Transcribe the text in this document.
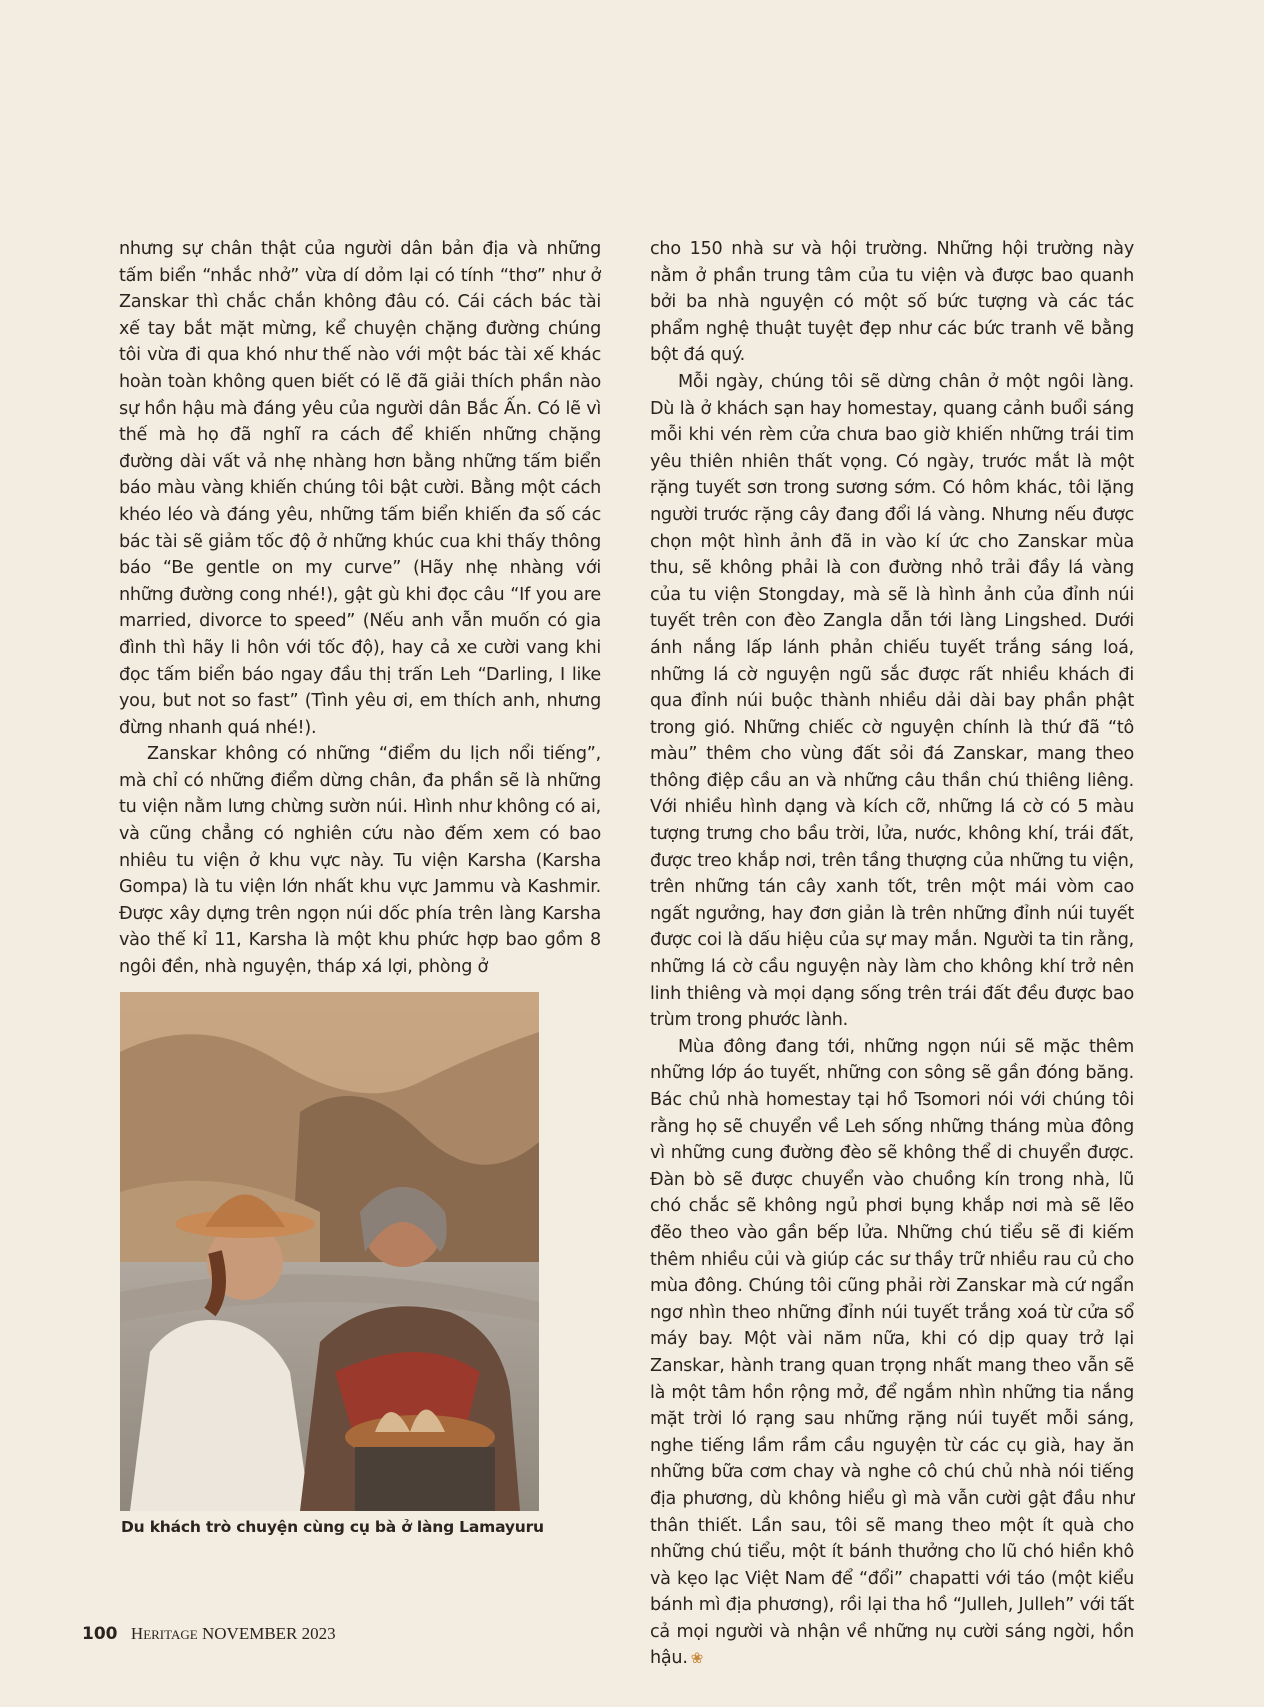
nhưng sự chân thật của người dân bản địa và những tấm biển “nhắc nhở” vừa dí dỏm lại có tính “thơ” như ở Zanskar thì chắc chắn không đâu có. Cái cách bác tài xế tay bắt mặt mừng, kể chuyện chặng đường chúng tôi vừa đi qua khó như thế nào với một bác tài xế khác hoàn toàn không quen biết có lẽ đã giải thích phần nào sự hồn hậu mà đáng yêu của người dân Bắc Ấn. Có lẽ vì thế mà họ đã nghĩ ra cách để khiến những chặng đường dài vất vả nhẹ nhàng hơn bằng những tấm biển báo màu vàng khiến chúng tôi bật cười. Bằng một cách khéo léo và đáng yêu, những tấm biển khiến đa số các bác tài sẽ giảm tốc độ ở những khúc cua khi thấy thông báo “Be gentle on my curve” (Hãy nhẹ nhàng với những đường cong nhé!), gật gù khi đọc câu “If you are married, divorce to speed” (Nếu anh vẫn muốn có gia đình thì hãy li hôn với tốc độ), hay cả xe cười vang khi đọc tấm biển báo ngay đầu thị trấn Leh “Darling, I like you, but not so fast” (Tình yêu ơi, em thích anh, nhưng đừng nhanh quá nhé!).

Zanskar không có những “điểm du lịch nổi tiếng”, mà chỉ có những điểm dừng chân, đa phần sẽ là những tu viện nằm lưng chừng sườn núi. Hình như không có ai, và cũng chẳng có nghiên cứu nào đếm xem có bao nhiêu tu viện ở khu vực này. Tu viện Karsha (Karsha Gompa) là tu viện lớn nhất khu vực Jammu và Kashmir. Được xây dựng trên ngọn núi dốc phía trên làng Karsha vào thế kỉ 11, Karsha là một khu phức hợp bao gồm 8 ngôi đền, nhà nguyện, tháp xá lợi, phòng ở

cho 150 nhà sư và hội trường. Những hội trường này nằm ở phần trung tâm của tu viện và được bao quanh bởi ba nhà nguyện có một số bức tượng và các tác phẩm nghệ thuật tuyệt đẹp như các bức tranh vẽ bằng bột đá quý.

Mỗi ngày, chúng tôi sẽ dừng chân ở một ngôi làng. Dù là ở khách sạn hay homestay, quang cảnh buổi sáng mỗi khi vén rèm cửa chưa bao giờ khiến những trái tim yêu thiên nhiên thất vọng. Có ngày, trước mắt là một rặng tuyết sơn trong sương sớm. Có hôm khác, tôi lặng người trước rặng cây đang đổi lá vàng. Nhưng nếu được chọn một hình ảnh đã in vào kí ức cho Zanskar mùa thu, sẽ không phải là con đường nhỏ trải đầy lá vàng của tu viện Stongday, mà sẽ là hình ảnh của đỉnh núi tuyết trên con đèo Zangla dẫn tới làng Lingshed. Dưới ánh nắng lấp lánh phản chiếu tuyết trắng sáng loá, những lá cờ nguyện ngũ sắc được rất nhiều khách đi qua đỉnh núi buộc thành nhiều dải dài bay phần phật trong gió. Những chiếc cờ nguyện chính là thứ đã “tô màu” thêm cho vùng đất sỏi đá Zanskar, mang theo thông điệp cầu an và những câu thần chú thiêng liêng. Với nhiều hình dạng và kích cỡ, những lá cờ có 5 màu tượng trưng cho bầu trời, lửa, nước, không khí, trái đất, được treo khắp nơi, trên tầng thượng của những tu viện, trên những tán cây xanh tốt, trên một mái vòm cao ngất ngưởng, hay đơn giản là trên những đỉnh núi tuyết được coi là dấu hiệu của sự may mắn. Người ta tin rằng, những lá cờ cầu nguyện này làm cho không khí trở nên linh thiêng và mọi dạng sống trên trái đất đều được bao trùm trong phước lành.

Mùa đông đang tới, những ngọn núi sẽ mặc thêm những lớp áo tuyết, những con sông sẽ gần đóng băng. Bác chủ nhà homestay tại hồ Tsomori nói với chúng tôi rằng họ sẽ chuyển về Leh sống những tháng mùa đông vì những cung đường đèo sẽ không thể di chuyển được. Đàn bò sẽ được chuyển vào chuồng kín trong nhà, lũ chó chắc sẽ không ngủ phơi bụng khắp nơi mà sẽ lẽo đẽo theo vào gần bếp lửa. Những chú tiểu sẽ đi kiếm thêm nhiều củi và giúp các sư thầy trữ nhiều rau củ cho mùa đông. Chúng tôi cũng phải rời Zanskar mà cứ ngẩn ngơ nhìn theo những đỉnh núi tuyết trắng xoá từ cửa sổ máy bay. Một vài năm nữa, khi có dịp quay trở lại Zanskar, hành trang quan trọng nhất mang theo vẫn sẽ là một tâm hồn rộng mở, để ngắm nhìn những tia nắng mặt trời ló rạng sau những rặng núi tuyết mỗi sáng, nghe tiếng lầm rầm cầu nguyện từ các cụ già, hay ăn những bữa cơm chay và nghe cô chú chủ nhà nói tiếng địa phương, dù không hiểu gì mà vẫn cười gật đầu như thân thiết. Lần sau, tôi sẽ mang theo một ít quà cho những chú tiểu, một ít bánh thưởng cho lũ chó hiền khô và kẹo lạc Việt Nam để “đổi” chapatti với táo (một kiểu bánh mì địa phương), rồi lại tha hồ “Julleh, Julleh” với tất cả mọi người và nhận về những nụ cười sáng ngời, hồn hậu. ❀

Du khách trò chuyện cùng cụ bà ở làng Lamayuru
100 HERITAGE NOVEMBER 2023
